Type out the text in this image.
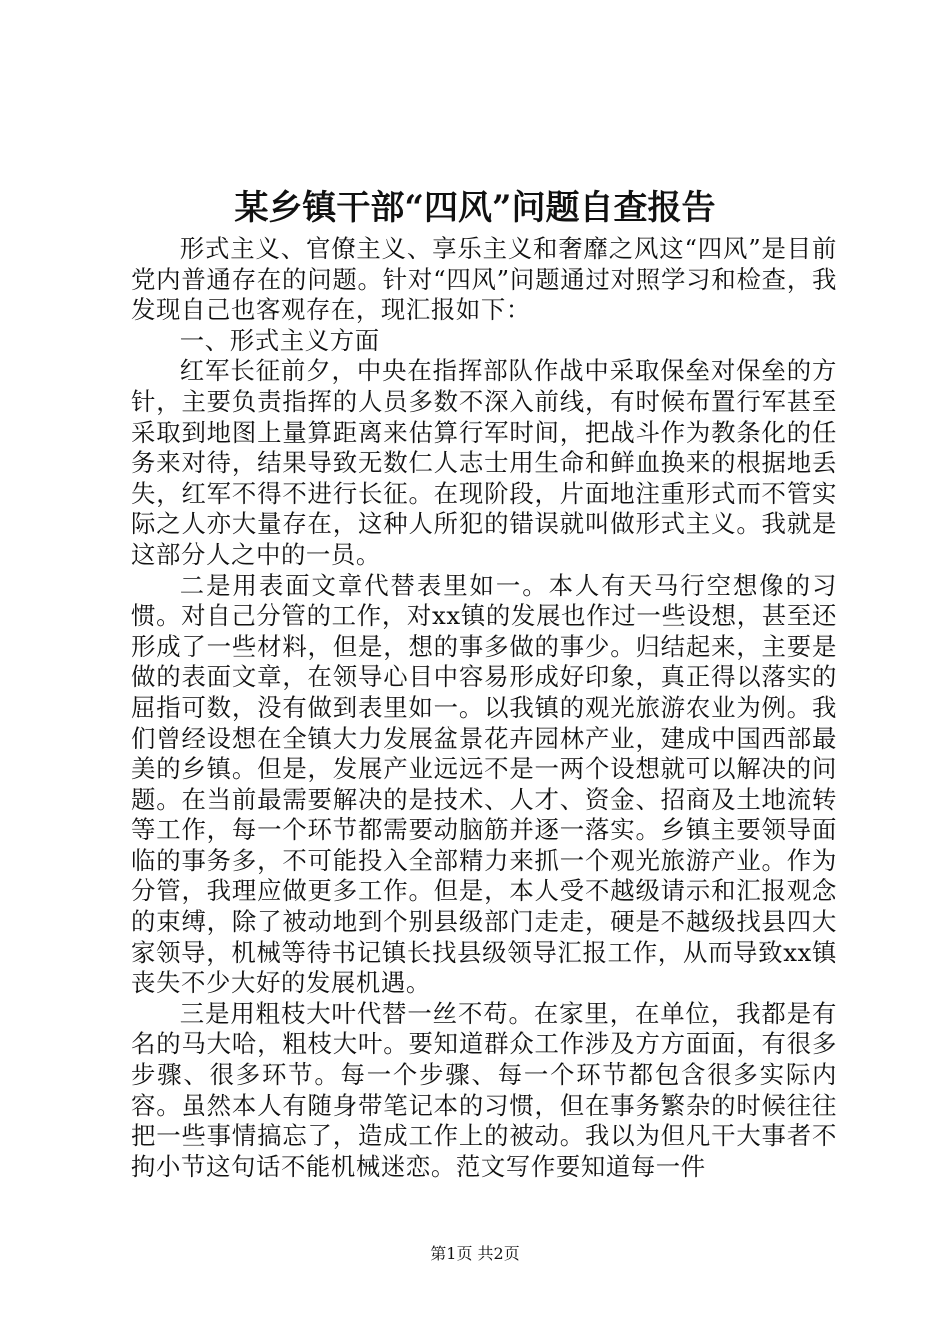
某乡镇干部“四风”问题自查报告

形式主义、官僚主义、享乐主义和奢靡之风这“四风”是目前党内普通存在的问题。针对“四风”问题通过对照学习和检查，我发现自己也客观存在，现汇报如下：

一、形式主义方面

红军长征前夕，中央在指挥部队作战中采取保垒对保垒的方针，主要负责指挥的人员多数不深入前线，有时候布置行军甚至采取到地图上量算距离来估算行军时间，把战斗作为教条化的任务来对待，结果导致无数仁人志士用生命和鲜血换来的根据地丢失，红军不得不进行长征。在现阶段，片面地注重形式而不管实际之人亦大量存在，这种人所犯的错误就叫做形式主义。我就是这部分人之中的一员。

二是用表面文章代替表里如一。本人有天马行空想像的习惯。对自己分管的工作，对xx镇的发展也作过一些设想，甚至还形成了一些材料，但是，想的事多做的事少。归结起来，主要是做的表面文章，在领导心目中容易形成好印象，真正得以落实的屈指可数，没有做到表里如一。以我镇的观光旅游农业为例。我们曾经设想在全镇大力发展盆景花卉园林产业，建成中国西部最美的乡镇。但是，发展产业远远不是一两个设想就可以解决的问题。在当前最需要解决的是技术、人才、资金、招商及土地流转等工作，每一个环节都需要动脑筋并逐一落实。乡镇主要领导面临的事务多，不可能投入全部精力来抓一个观光旅游产业。作为分管，我理应做更多工作。但是，本人受不越级请示和汇报观念的束缚，除了被动地到个别县级部门走走，硬是不越级找县四大家领导，机械等待书记镇长找县级领导汇报工作，从而导致xx镇丧失不少大好的发展机遇。

三是用粗枝大叶代替一丝不苟。在家里，在单位，我都是有名的马大哈，粗枝大叶。要知道群众工作涉及方方面面，有很多步骤、很多环节。每一个步骤、每一个环节都包含很多实际内容。虽然本人有随身带笔记本的习惯，但在事务繁杂的时候往往把一些事情搞忘了，造成工作上的被动。我以为但凡干大事者不拘小节这句话不能机械迷恋。范文写作要知道每一件

第1页 共2页
